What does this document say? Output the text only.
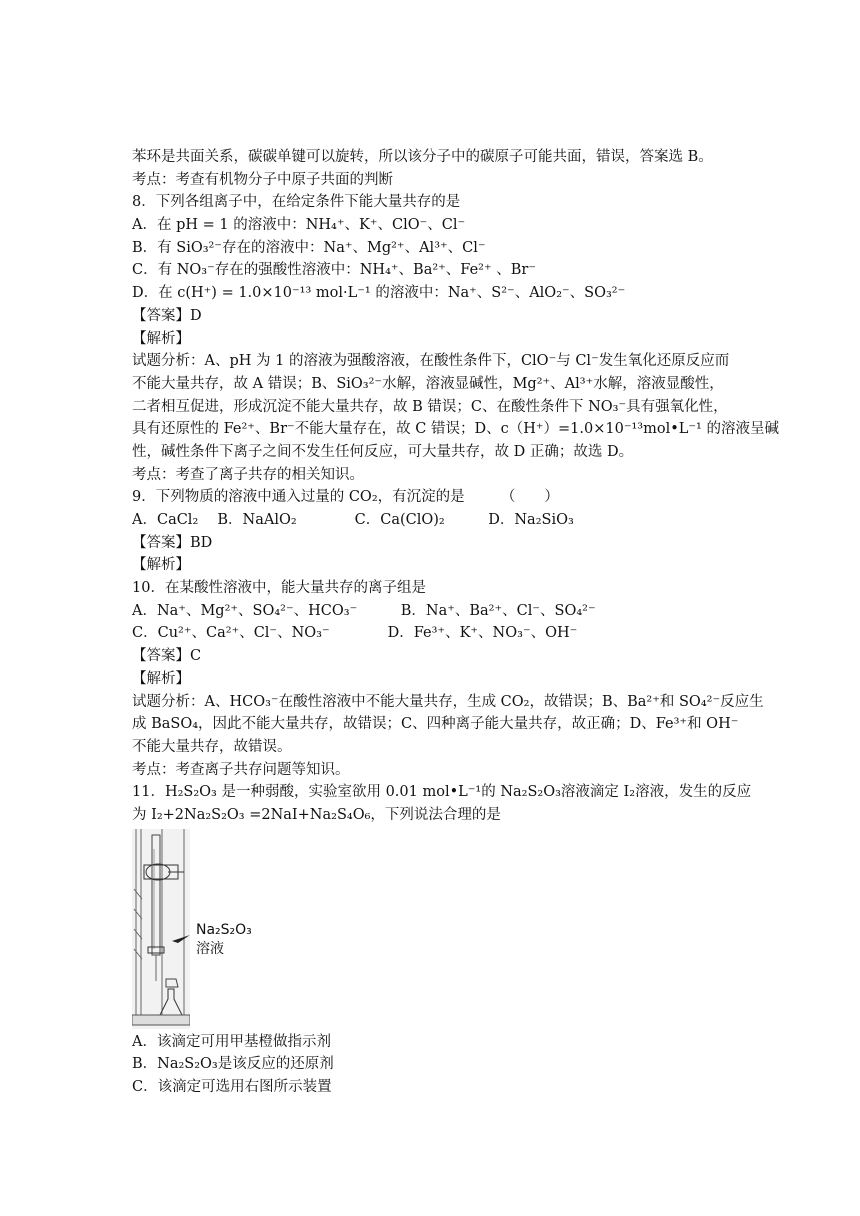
苯环是共面关系，碳碳单键可以旋转，所以该分子中的碳原子可能共面，错误，答案选 B。
考点：考查有机物分子中原子共面的判断
8．下列各组离子中，在给定条件下能大量共存的是
A．在 pH = 1 的溶液中：NH₄⁺、K⁺、ClO⁻、Cl⁻
B．有 SiO₃²⁻存在的溶液中：Na⁺、Mg²⁺、Al³⁺、Cl⁻
C．有 NO₃⁻存在的强酸性溶液中：NH₄⁺、Ba²⁺、Fe²⁺ 、Br⁻
D．在 c(H⁺) = 1.0×10⁻¹³ mol·L⁻¹ 的溶液中：Na⁺、S²⁻、AlO₂⁻、SO₃²⁻
【答案】D
【解析】
试题分析：A、pH 为 1 的溶液为强酸溶液，在酸性条件下，ClO⁻与 Cl⁻发生氧化还原反应而
不能大量共存，故 A 错误；B、SiO₃²⁻水解，溶液显碱性，Mg²⁺、Al³⁺水解，溶液显酸性，
二者相互促进，形成沉淀不能大量共存，故 B 错误；C、在酸性条件下 NO₃⁻具有强氧化性，
具有还原性的 Fe²⁺、Br⁻不能大量存在，故 C 错误；D、c（H⁺）=1.0×10⁻¹³mol•L⁻¹ 的溶液呈碱
性，碱性条件下离子之间不发生任何反应，可大量共存，故 D 正确；故选 D。
考点：考查了离子共存的相关知识。
9．下列物质的溶液中通入过量的 CO₂，有沉淀的是　　　（　　）
A．CaCl₂　 B．NaAlO₂　　　　C．Ca(ClO)₂　　　D．Na₂SiO₃
【答案】BD
【解析】
10．在某酸性溶液中，能大量共存的离子组是
A．Na⁺、Mg²⁺、SO₄²⁻、HCO₃⁻　　　B．Na⁺、Ba²⁺、Cl⁻、SO₄²⁻
C．Cu²⁺、Ca²⁺、Cl⁻、NO₃⁻　　　　D．Fe³⁺、K⁺、NO₃⁻、OH⁻
【答案】C
【解析】
试题分析：A、HCO₃⁻在酸性溶液中不能大量共存，生成 CO₂，故错误；B、Ba²⁺和 SO₄²⁻反应生
成 BaSO₄，因此不能大量共存，故错误；C、四种离子能大量共存，故正确；D、Fe³⁺和 OH⁻
不能大量共存，故错误。
考点：考查离子共存问题等知识。
11．H₂S₂O₃ 是一种弱酸，实验室欲用 0.01 mol•L⁻¹的 Na₂S₂O₃溶液滴定 I₂溶液，发生的反应
为 I₂+2Na₂S₂O₃ =2NaI+Na₂S₄O₆，下列说法合理的是
Na₂S₂O₃
溶液
A．该滴定可用甲基橙做指示剂
B．Na₂S₂O₃是该反应的还原剂
C．该滴定可选用右图所示装置
